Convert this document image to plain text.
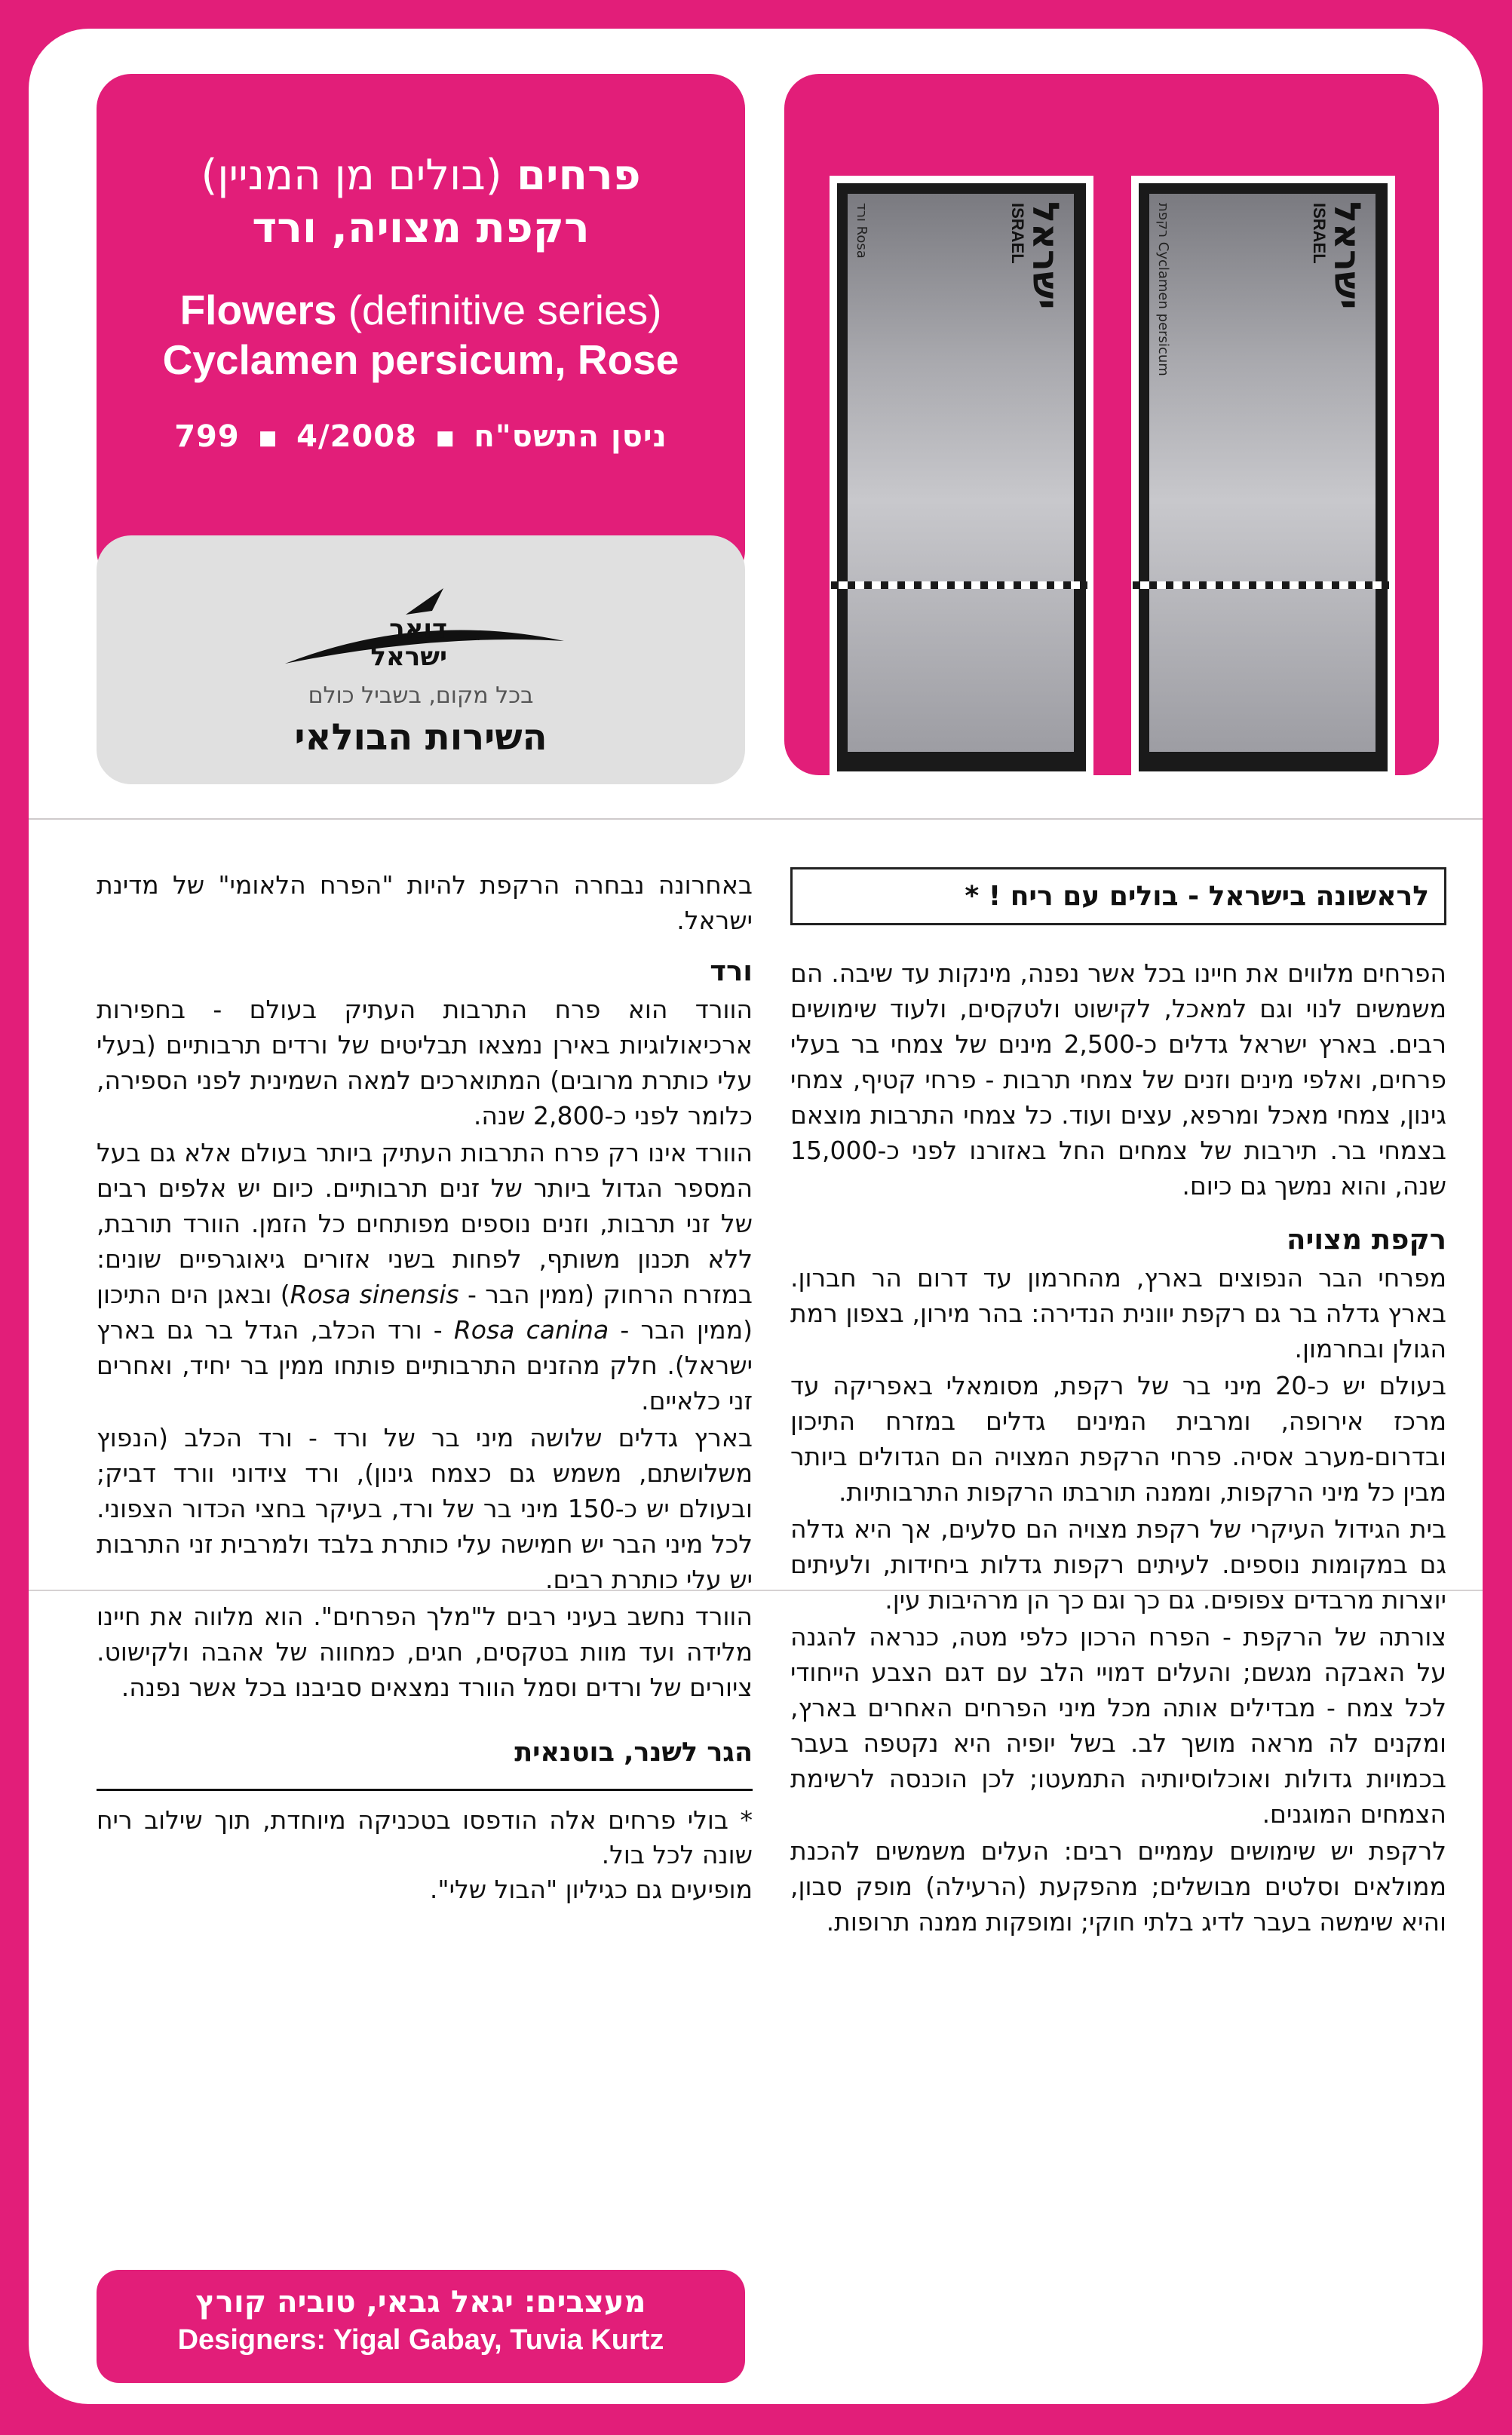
פרחים (בולים מן המניין)
רקפת מצויה, ורד
Flowers (definitive series)
Cyclamen persicum, Rose
799 ■ 4/2008 ■ ניסן התשס"ח
דואר
ישראל
בכל מקום, בשביל כולם
השירות הבולאי
ישראל
ISRAEL
ורד Rosa	ישראל
ISRAEL
רקפת Cyclamen persicum
לראשונה בישראל - בולים עם ריח ! *

הפרחים מלווים את חיינו בכל אשר נפנה, מינקות עד שיבה. הם משמשים לנוי וגם למאכל, לקישוט ולטקסים, ולעוד שימושים רבים. בארץ ישראל גדלים כ-2,500 מינים של צמחי בר בעלי פרחים, ואלפי מינים וזנים של צמחי תרבות - פרחי קטיף, צמחי גינון, צמחי מאכל ומרפא, עצים ועוד. כל צמחי התרבות מוצאם בצמחי בר. תירבות של צמחים החל באזורנו לפני כ-15,000 שנה, והוא נמשך גם כיום.

רקפת מצויה

מפרחי הבר הנפוצים בארץ, מהחרמון עד דרום הר חברון. בארץ גדלה בר גם רקפת יוונית הנדירה: בהר מירון, בצפון רמת הגולן ובחרמון.

בעולם יש כ-20 מיני בר של רקפת, מסומאלי באפריקה עד מרכז אירופה, ומרבית המינים גדלים במזרח התיכון ובדרום-מערב אסיה. פרחי הרקפת המצויה הם הגדולים ביותר מבין כל מיני הרקפות, וממנה תורבתו הרקפות התרבותיות.

בית הגידול העיקרי של רקפת מצויה הם סלעים, אך היא גדלה גם במקומות נוספים. לעיתים רקפות גדלות ביחידות, ולעיתים יוצרות מרבדים צפופים. גם כך וגם כך הן מרהיבות עין.

צורתה של הרקפת - הפרח הרכון כלפי מטה, כנראה להגנה על האבקה מגשם; והעלים דמויי הלב עם דגם הצבע הייחודי לכל צמח - מבדילים אותה מכל מיני הפרחים האחרים בארץ, ומקנים לה מראה מושך לב. בשל יופיה היא נקטפה בעבר בכמויות גדולות ואוכלוסיותיה התמעטו; לכן הוכנסה לרשימת הצמחים המוגנים.

לרקפת יש שימושים עממיים רבים: העלים משמשים להכנת ממולאים וסלטים מבושלים; מהפקעת (הרעילה) מופק סבון, והיא שימשה בעבר לדיג בלתי חוקי; ומופקות ממנה תרופות.

באחרונה נבחרה הרקפת להיות "הפרח הלאומי" של מדינת ישראל.

ורד

הוורד הוא פרח התרבות העתיק בעולם - בחפירות ארכיאולוגיות באירן נמצאו תבליטים של ורדים תרבותיים (בעלי עלי כותרת מרובים) המתוארכים למאה השמינית לפני הספירה, כלומר לפני כ-2,800 שנה.

הוורד אינו רק פרח התרבות העתיק ביותר בעולם אלא גם בעל המספר הגדול ביותר של זנים תרבותיים. כיום יש אלפים רבים של זני תרבות, וזנים נוספים מפותחים כל הזמן. הוורד תורבת, ללא תכנון משותף, לפחות בשני אזורים גיאוגרפיים שונים: במזרח הרחוק (ממין הבר - Rosa sinensis) ובאגן הים התיכון (ממין הבר - Rosa canina - ורד הכלב, הגדל בר גם בארץ ישראל). חלק מהזנים התרבותיים פותחו ממין בר יחיד, ואחרים זני כלאיים.

בארץ גדלים שלושה מיני בר של ורד - ורד הכלב (הנפוץ משלושתם, משמש גם כצמח גינון), ורד צידוני וורד דביק; ובעולם יש כ-150 מיני בר של ורד, בעיקר בחצי הכדור הצפוני. לכל מיני הבר יש חמישה עלי כותרת בלבד ולמרבית זני התרבות יש עלי כותרת רבים.

הוורד נחשב בעיני רבים ל"מלך הפרחים". הוא מלווה את חיינו מלידה ועד מוות בטקסים, חגים, כמחווה של אהבה ולקישוט. ציורים של ורדים וסמל הוורד נמצאים סביבנו בכל אשר נפנה.

הגר לשנר, בוטנאית
* בולי פרחים אלה הודפסו בטכניקה מיוחדת, תוך שילוב ריח שונה לכל בול.
מופיעים גם כגיליון "הבול שלי".
מעצבים: יגאל גבאי, טוביה קורץ
Designers: Yigal Gabay, Tuvia Kurtz
